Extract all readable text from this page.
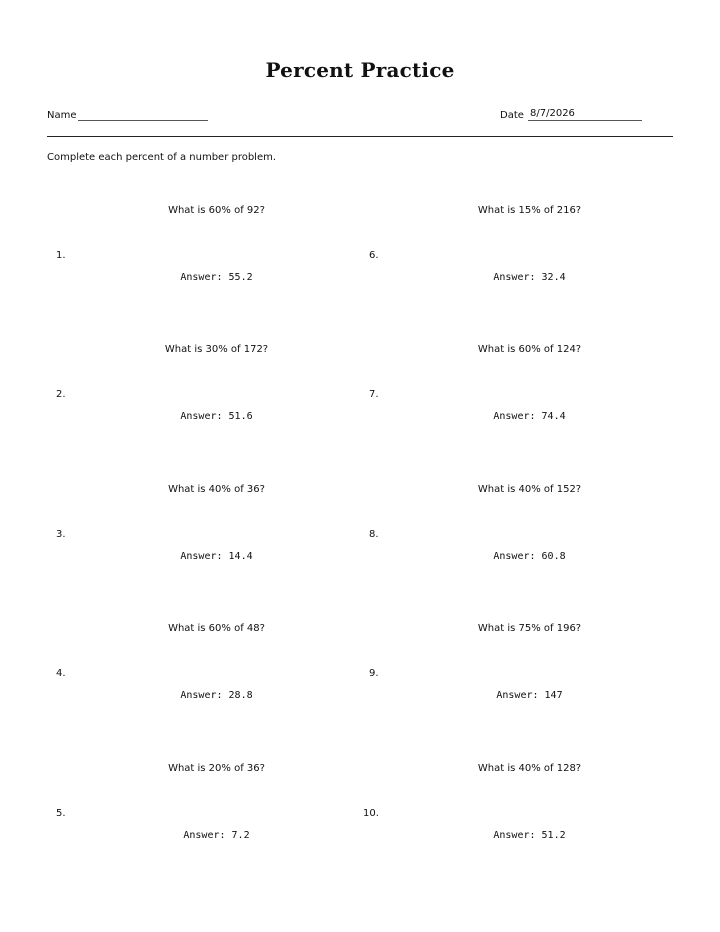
Percent Practice
Name	Date 8/7/2026
Complete each percent of a number problem.
What is 60% of 92?
1.
Answer: 55.2
What is 30% of 172?
2.
Answer: 51.6
What is 40% of 36?
3.
Answer: 14.4
What is 60% of 48?
4.
Answer: 28.8
What is 20% of 36?
5.
Answer: 7.2
What is 15% of 216?
6.
Answer: 32.4
What is 60% of 124?
7.
Answer: 74.4
What is 40% of 152?
8.
Answer: 60.8
What is 75% of 196?
9.
Answer: 147
What is 40% of 128?
10.
Answer: 51.2
